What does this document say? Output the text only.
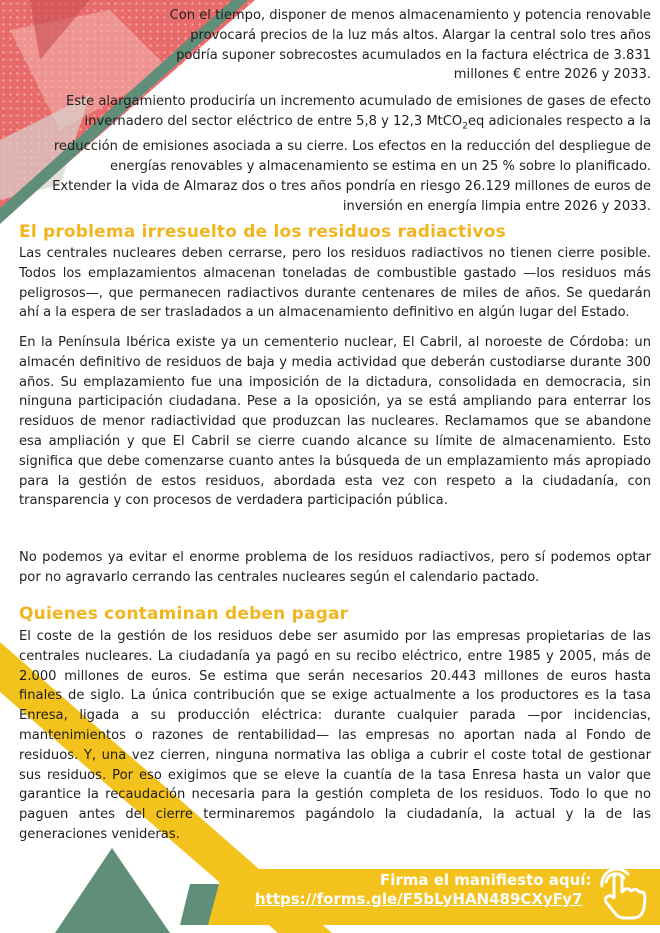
Con el tiempo, disponer de menos almacenamiento y potencia renovable provocará precios de la luz más altos. Alargar la central solo tres años podría suponer sobrecostes acumulados en la factura eléctrica de 3.831 millones € entre 2026 y 2033.

Este alargamiento produciría un incremento acumulado de emisiones de gases de efecto invernadero del sector eléctrico de entre 5,8 y 12,3 MtCO$_2$eq adicionales respecto a la reducción de emisiones asociada a su cierre. Los efectos en la reducción del despliegue de energías renovables y almacenamiento se estima en un 25 % sobre lo planificado. Extender la vida de Almaraz dos o tres años pondría en riesgo 26.129 millones de euros de inversión en energía limpia entre 2026 y 2033.

El problema irresuelto de los residuos radiactivos

Las centrales nucleares deben cerrarse, pero los residuos radiactivos no tienen cierre posible. Todos los emplazamientos almacenan toneladas de combustible gastado —los residuos más peligrosos—, que permanecen radiactivos durante centenares de miles de años. Se quedarán ahí a la espera de ser trasladados a un almacenamiento definitivo en algún lugar del Estado.

En la Península Ibérica existe ya un cementerio nuclear, El Cabril, al noroeste de Córdoba: un almacén definitivo de residuos de baja y media actividad que deberán custodiarse durante 300 años. Su emplazamiento fue una imposición de la dictadura, consolidada en democracia, sin ninguna participación ciudadana. Pese a la oposición, ya se está ampliando para enterrar los residuos de menor radiactividad que produzcan las nucleares. Reclamamos que se abandone esa ampliación y que El Cabril se cierre cuando alcance su límite de almacenamiento. Esto significa que debe comenzarse cuanto antes la búsqueda de un emplazamiento más apropiado para la gestión de estos residuos, abordada esta vez con respeto a la ciudadanía, con transparencia y con procesos de verdadera participación pública.

No podemos ya evitar el enorme problema de los residuos radiactivos, pero sí podemos optar por no agravarlo cerrando las centrales nucleares según el calendario pactado.

Quienes contaminan deben pagar

El coste de la gestión de los residuos debe ser asumido por las empresas propietarias de las centrales nucleares. La ciudadanía ya pagó en su recibo eléctrico, entre 1985 y 2005, más de 2.000 millones de euros. Se estima que serán necesarios 20.443 millones de euros hasta finales de siglo. La única contribución que se exige actualmente a los productores es la tasa Enresa, ligada a su producción eléctrica: durante cualquier parada —por incidencias, mantenimientos o razones de rentabilidad— las empresas no aportan nada al Fondo de residuos. Y, una vez cierren, ninguna normativa las obliga a cubrir el coste total de gestionar sus residuos. Por eso exigimos que se eleve la cuantía de la tasa Enresa hasta un valor que garantice la recaudación necesaria para la gestión completa de los residuos. Todo lo que no paguen antes del cierre terminaremos pagándolo la ciudadanía, la actual y la de las generaciones venideras.

Firma el manifiesto aquí:
https://forms.gle/F5bLyHAN489CXyFy7
